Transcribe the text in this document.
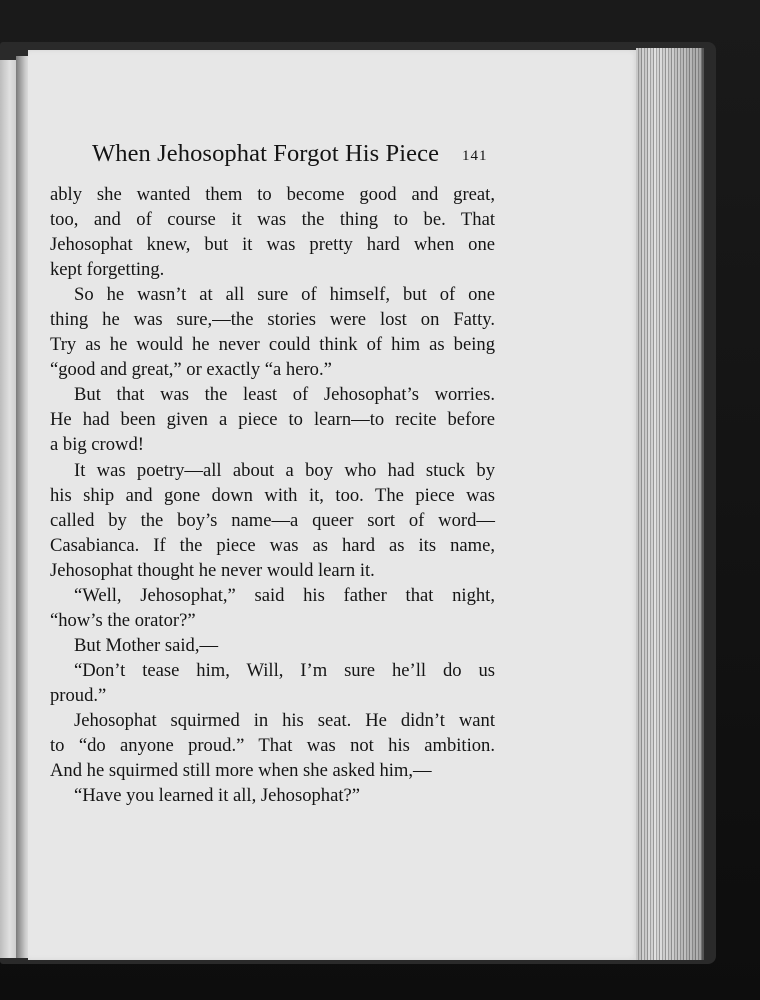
When Jehosophat Forgot His Piece 141
ably she wanted them to become good and great,
too, and of course it was the thing to be. That
Jehosophat knew, but it was pretty hard when one
kept forgetting.
So he wasn’t at all sure of himself, but of one
thing he was sure,—the stories were lost on Fatty.
Try as he would he never could think of him as being
“good and great,” or exactly “a hero.”
But that was the least of Jehosophat’s worries.
He had been given a piece to learn—to recite before
a big crowd!
It was poetry—all about a boy who had stuck by
his ship and gone down with it, too. The piece was
called by the boy’s name—a queer sort of word—
Casabianca. If the piece was as hard as its name,
Jehosophat thought he never would learn it.
“Well, Jehosophat,” said his father that night,
“how’s the orator?”
But Mother said,—
“Don’t tease him, Will, I’m sure he’ll do us
proud.”
Jehosophat squirmed in his seat. He didn’t want
to “do anyone proud.” That was not his ambition.
And he squirmed still more when she asked him,—
“Have you learned it all, Jehosophat?”
